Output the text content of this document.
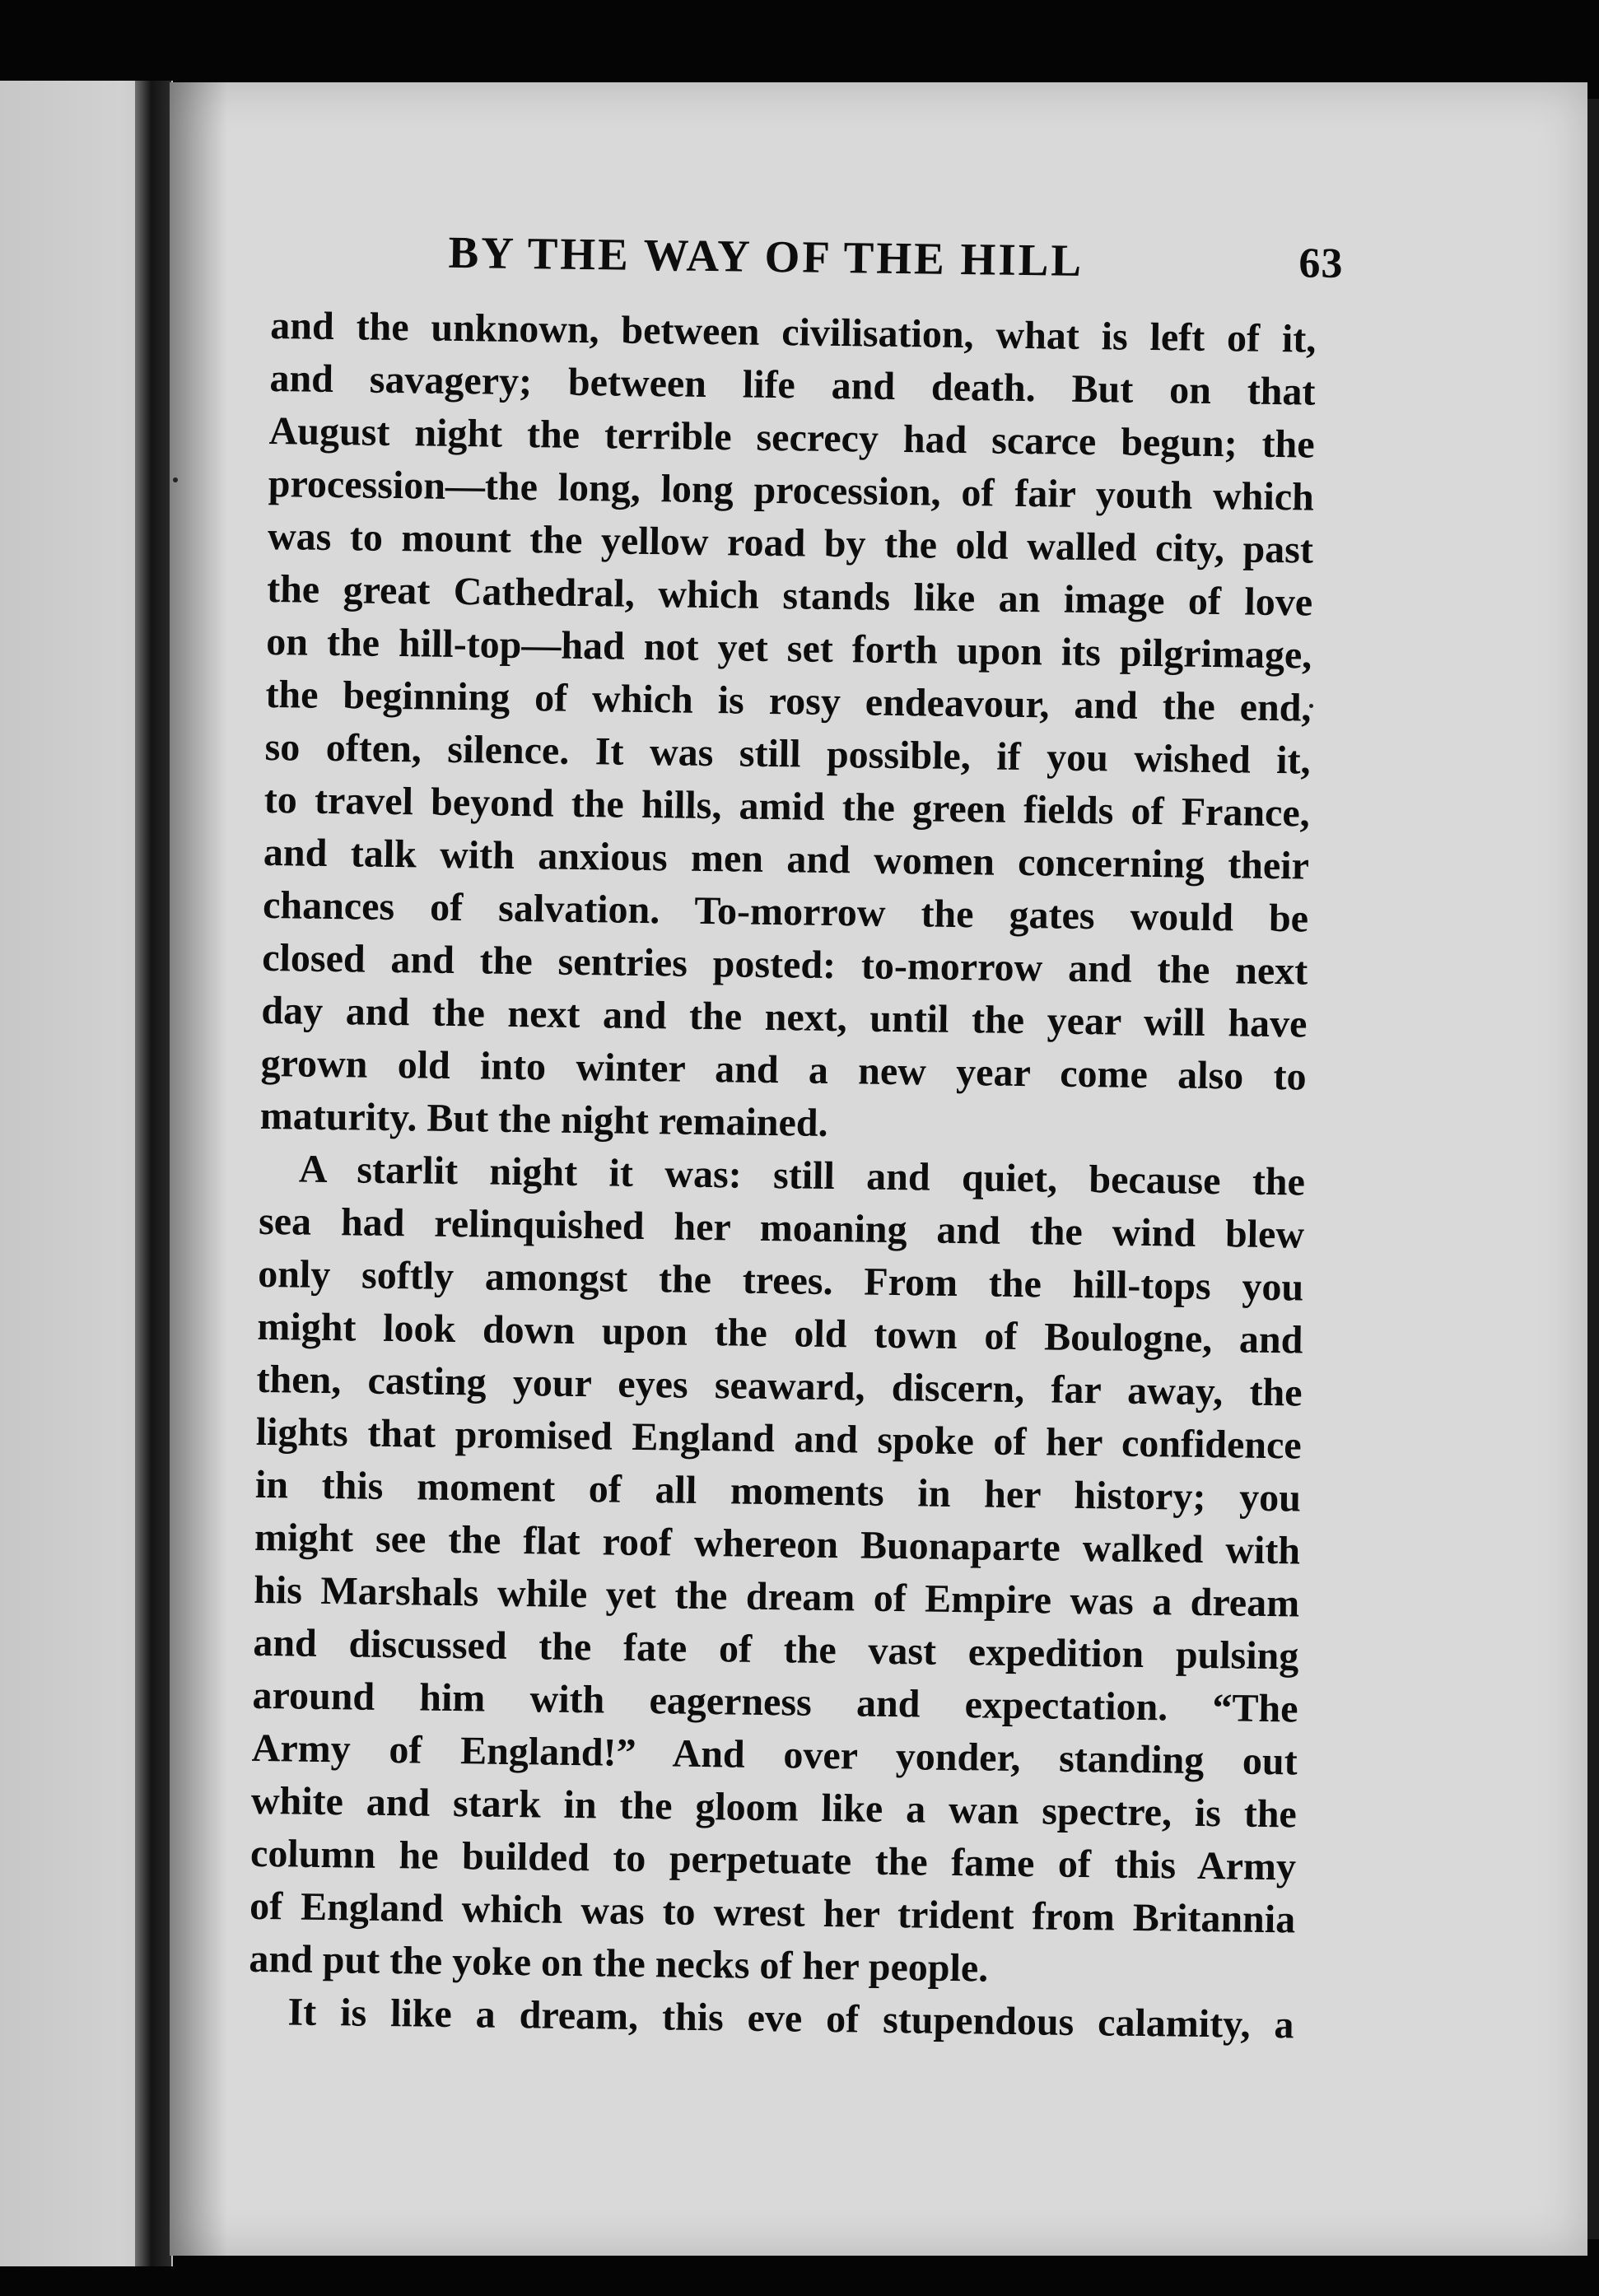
BY THE WAY OF THE HILL	63
and the unknown, between civilisation, what is left of it,
and savagery; between life and death. But on that
August night the terrible secrecy had scarce begun; the
procession—the long, long procession, of fair youth which
was to mount the yellow road by the old walled city, past
the great Cathedral, which stands like an image of love
on the hill-top—had not yet set forth upon its pilgrimage,
the beginning of which is rosy endeavour, and the end,
so often, silence. It was still possible, if you wished it,
to travel beyond the hills, amid the green fields of France,
and talk with anxious men and women concerning their
chances of salvation. To-morrow the gates would be
closed and the sentries posted: to-morrow and the next
day and the next and the next, until the year will have
grown old into winter and a new year come also to
maturity. But the night remained.
A starlit night it was: still and quiet, because the
sea had relinquished her moaning and the wind blew
only softly amongst the trees. From the hill-tops you
might look down upon the old town of Boulogne, and
then, casting your eyes seaward, discern, far away, the
lights that promised England and spoke of her confidence
in this moment of all moments in her history; you
might see the flat roof whereon Buonaparte walked with
his Marshals while yet the dream of Empire was a dream
and discussed the fate of the vast expedition pulsing
around him with eagerness and expectation. “The
Army of England!” And over yonder, standing out
white and stark in the gloom like a wan spectre, is the
column he builded to perpetuate the fame of this Army
of England which was to wrest her trident from Britannia
and put the yoke on the necks of her people.
It is like a dream, this eve of stupendous calamity, a
